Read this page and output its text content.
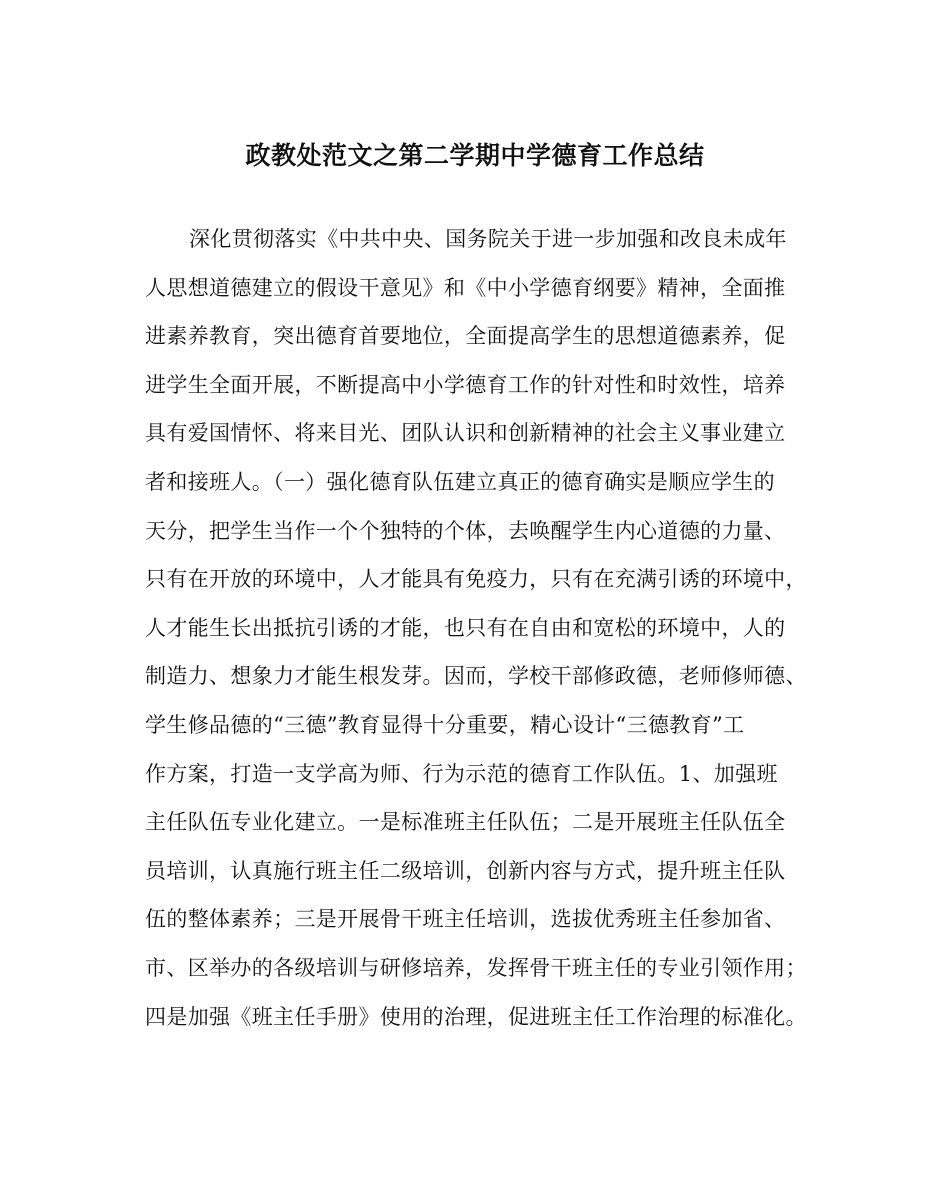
政教处范文之第二学期中学德育工作总结
深化贯彻落实《中共中央、国务院关于进一步加强和改良未成年
人思想道德建立的假设干意见》和《中小学德育纲要》精神，全面推
进素养教育，突出德育首要地位，全面提高学生的思想道德素养，促
进学生全面开展，不断提高中小学德育工作的针对性和时效性，培养
具有爱国情怀、将来目光、团队认识和创新精神的社会主义事业建立
者和接班人。（一）强化德育队伍建立真正的德育确实是顺应学生的
天分，把学生当作一个个独特的个体，去唤醒学生内心道德的力量、
只有在开放的环境中，人才能具有免疫力，只有在充满引诱的环境中，
人才能生长出抵抗引诱的才能，也只有在自由和宽松的环境中，人的
制造力、想象力才能生根发芽。因而，学校干部修政德，老师修师德、
学生修品德的“三德”教育显得十分重要，精心设计“三德教育”工
作方案，打造一支学高为师、行为示范的德育工作队伍。1、加强班
主任队伍专业化建立。一是标准班主任队伍；二是开展班主任队伍全
员培训，认真施行班主任二级培训，创新内容与方式，提升班主任队
伍的整体素养；三是开展骨干班主任培训，选拔优秀班主任参加省、
市、区举办的各级培训与研修培养，发挥骨干班主任的专业引领作用；
四是加强《班主任手册》使用的治理，促进班主任工作治理的标准化。
